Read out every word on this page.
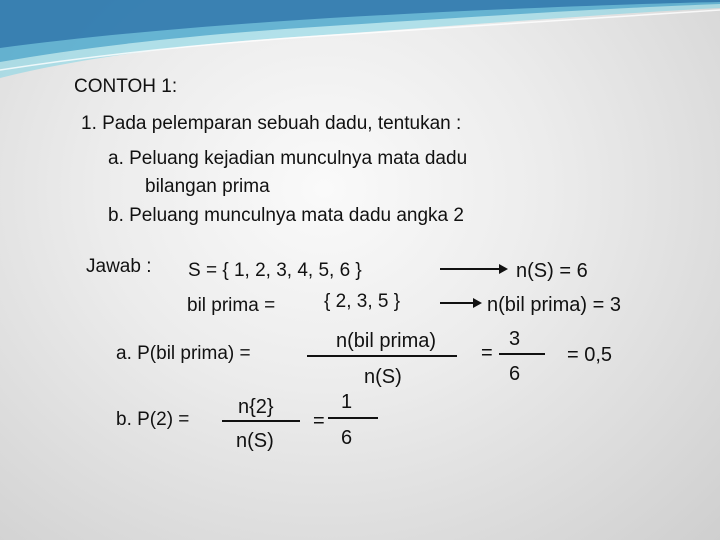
CONTOH 1:
1. Pada pelemparan sebuah dadu, tentukan :
a. Peluang kejadian munculnya mata dadu
bilangan prima
b. Peluang munculnya mata dadu angka 2
Jawab : S = { 1, 2, 3, 4, 5, 6 }	n(S) = 6
bil prima =	{ 2, 3, 5 }	n(bil prima) = 3
a. P(bil prima) =
n(bil prima)
n(S)
=
3
6
= 0,5
b. P(2) =
n{2}
n(S)
=
1
6
